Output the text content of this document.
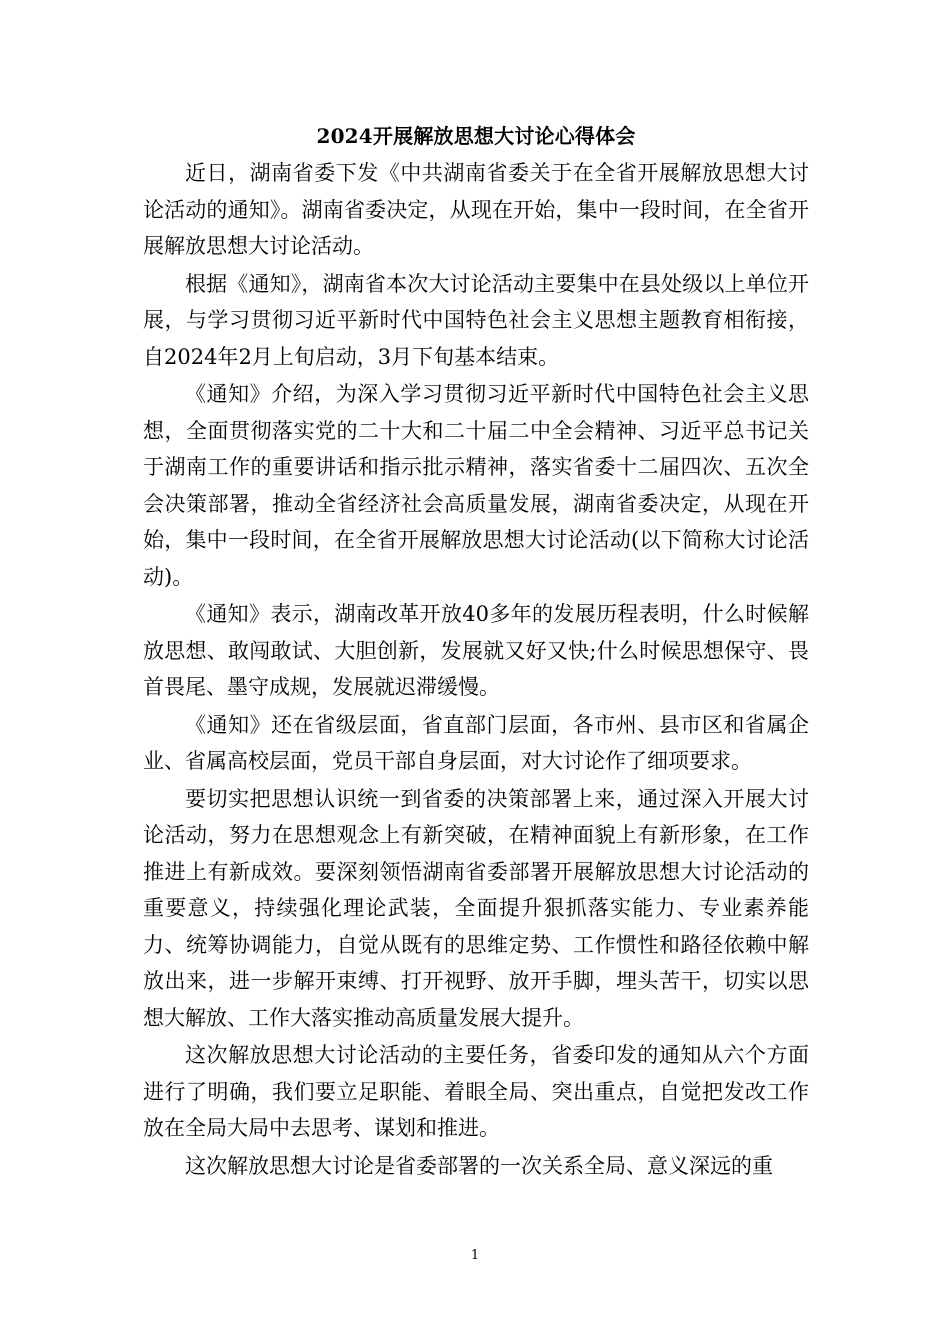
2024开展解放思想大讨论心得体会

近日，湖南省委下发《中共湖南省委关于在全省开展解放思想大讨论活动的通知》。湖南省委决定，从现在开始，集中一段时间，在全省开展解放思想大讨论活动。

根据《通知》，湖南省本次大讨论活动主要集中在县处级以上单位开展，与学习贯彻习近平新时代中国特色社会主义思想主题教育相衔接，自2024年2月上旬启动，3月下旬基本结束。

《通知》介绍，为深入学习贯彻习近平新时代中国特色社会主义思想，全面贯彻落实党的二十大和二十届二中全会精神、习近平总书记关于湖南工作的重要讲话和指示批示精神，落实省委十二届四次、五次全会决策部署，推动全省经济社会高质量发展，湖南省委决定，从现在开始，集中一段时间，在全省开展解放思想大讨论活动(以下简称大讨论活动)。

《通知》表示，湖南改革开放40多年的发展历程表明，什么时候解放思想、敢闯敢试、大胆创新，发展就又好又快;什么时候思想保守、畏首畏尾、墨守成规，发展就迟滞缓慢。

《通知》还在省级层面，省直部门层面，各市州、县市区和省属企业、省属高校层面，党员干部自身层面，对大讨论作了细项要求。

要切实把思想认识统一到省委的决策部署上来，通过深入开展大讨论活动，努力在思想观念上有新突破，在精神面貌上有新形象，在工作推进上有新成效。要深刻领悟湖南省委部署开展解放思想大讨论活动的重要意义，持续强化理论武装，全面提升狠抓落实能力、专业素养能力、统筹协调能力，自觉从既有的思维定势、工作惯性和路径依赖中解放出来，进一步解开束缚、打开视野、放开手脚，埋头苦干，切实以思想大解放、工作大落实推动高质量发展大提升。

这次解放思想大讨论活动的主要任务，省委印发的通知从六个方面进行了明确，我们要立足职能、着眼全局、突出重点，自觉把发改工作放在全局大局中去思考、谋划和推进。

这次解放思想大讨论是省委部署的一次关系全局、意义深远的重

1
